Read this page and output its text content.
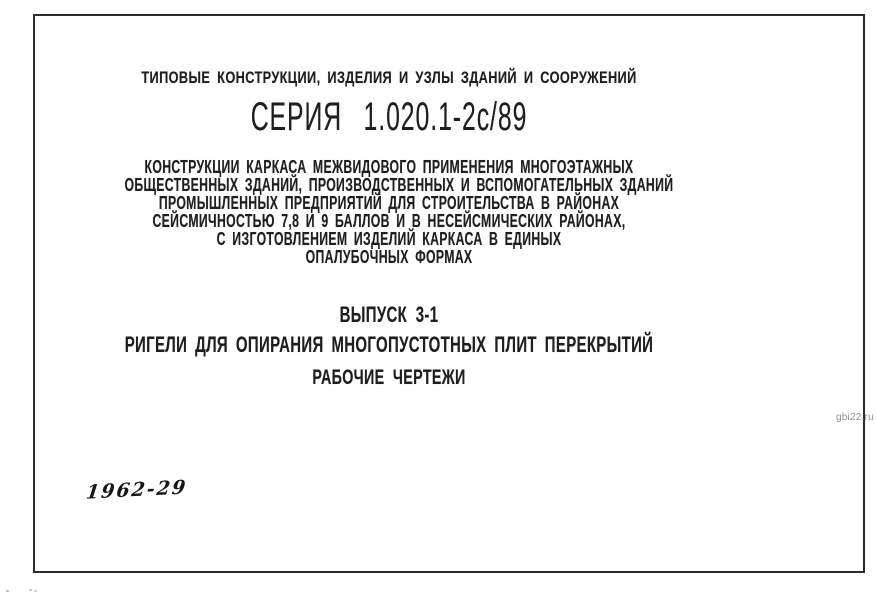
ТИПОВЫЕ КОНСТРУКЦИИ, ИЗДЕЛИЯ И УЗЛЫ ЗДАНИЙ И СООРУЖЕНИЙ
СЕРИЯ 1.020.1-2с/89
КОНСТРУКЦИИ КАРКАСА МЕЖВИДОВОГО ПРИМЕНЕНИЯ МНОГОЭТАЖНЫХ
ОБЩЕСТВЕННЫХ ЗДАНИЙ, ПРОИЗВОДСТВЕННЫХ И ВСПОМОГАТЕЛЬНЫХ ЗДАНИЙ
ПРОМЫШЛЕННЫХ ПРЕДПРИЯТИЙ ДЛЯ СТРОИТЕЛЬСТВА В РАЙОНАХ
СЕЙСМИЧНОСТЬЮ 7,8 И 9 БАЛЛОВ И В НЕСЕЙСМИЧЕСКИХ РАЙОНАХ,
С ИЗГОТОВЛЕНИЕМ ИЗДЕЛИЙ КАРКАСА В ЕДИНЫХ
ОПАЛУБОЧНЫХ ФОРМАХ
ВЫПУСК 3-1
РИГЕЛИ ДЛЯ ОПИРАНИЯ МНОГОПУСТОТНЫХ ПЛИТ ПЕРЕКРЫТИЙ
РАБОЧИЕ ЧЕРТЕЖИ
1962-29
gbi22.ru
